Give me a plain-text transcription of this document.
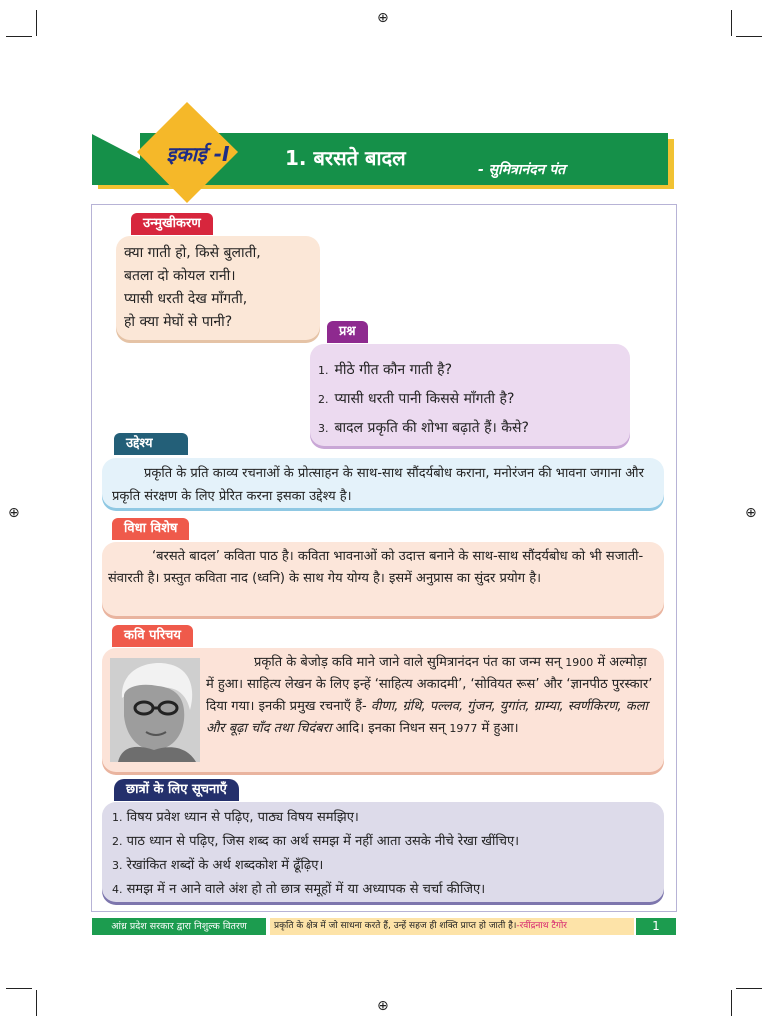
⊕
⊕
⊕	⊕
इकाई -I	1. बरसते बादल	- सुमित्रानंदन पंत
उन्मुखीकरण
क्या गाती हो, किसे बुलाती,
बतला दो कोयल रानी।
प्यासी धरती देख माँगती,
हो क्या मेघों से पानी?
प्रश्न
1. मीठे गीत कौन गाती है?
2. प्यासी धरती पानी किससे माँगती है?
3. बादल प्रकृति की शोभा बढ़ाते हैं। कैसे?
उद्देश्य
प्रकृति के प्रति काव्य रचनाओं के प्रोत्साहन के साथ-साथ सौंदर्यबोध कराना, मनोरंजन की भावना जगाना और प्रकृति संरक्षण के लिए प्रेरित करना इसका उद्देश्य है।
विधा विशेष
‘बरसते बादल’ कविता पाठ है। कविता भावनाओं को उदात्त बनाने के साथ-साथ सौंदर्यबोध को भी सजाती-संवारती है। प्रस्तुत कविता नाद (ध्वनि) के साथ गेय योग्य है। इसमें अनुप्रास का सुंदर प्रयोग है।
कवि परिचय
प्रकृति के बेजोड़ कवि माने जाने वाले सुमित्रानंदन पंत का जन्म सन् 1900 में अल्मोड़ा में हुआ। साहित्य लेखन के लिए इन्हें ‘साहित्य अकादमी’, ‘सोवियत रूस’ और ‘ज्ञानपीठ पुरस्कार’ दिया गया। इनकी प्रमुख रचनाएँ हैं- वीणा, ग्रंथि, पल्लव, गुंजन, युगांत, ग्राम्या, स्वर्णकिरण, कला और बूढ़ा चाँद तथा चिदंबरा आदि। इनका निधन सन् 1977 में हुआ।
छात्रों के लिए सूचनाएँ
1. विषय प्रवेश ध्यान से पढ़िए, पाठ्य विषय समझिए।
2. पाठ ध्यान से पढ़िए, जिस शब्द का अर्थ समझ में नहीं आता उसके नीचे रेखा खींचिए।
3. रेखांकित शब्दों के अर्थ शब्दकोश में ढूँढ़िए।
4. समझ में न आने वाले अंश हो तो छात्र समूहों में या अध्यापक से चर्चा कीजिए।
आंध्र प्रदेश सरकार द्वारा निशुल्क वितरण	प्रकृति के क्षेत्र में जो साधना करते हैं, उन्हें सहज ही शक्ति प्राप्त हो जाती है।-रवींद्रनाथ टैगोर	1
